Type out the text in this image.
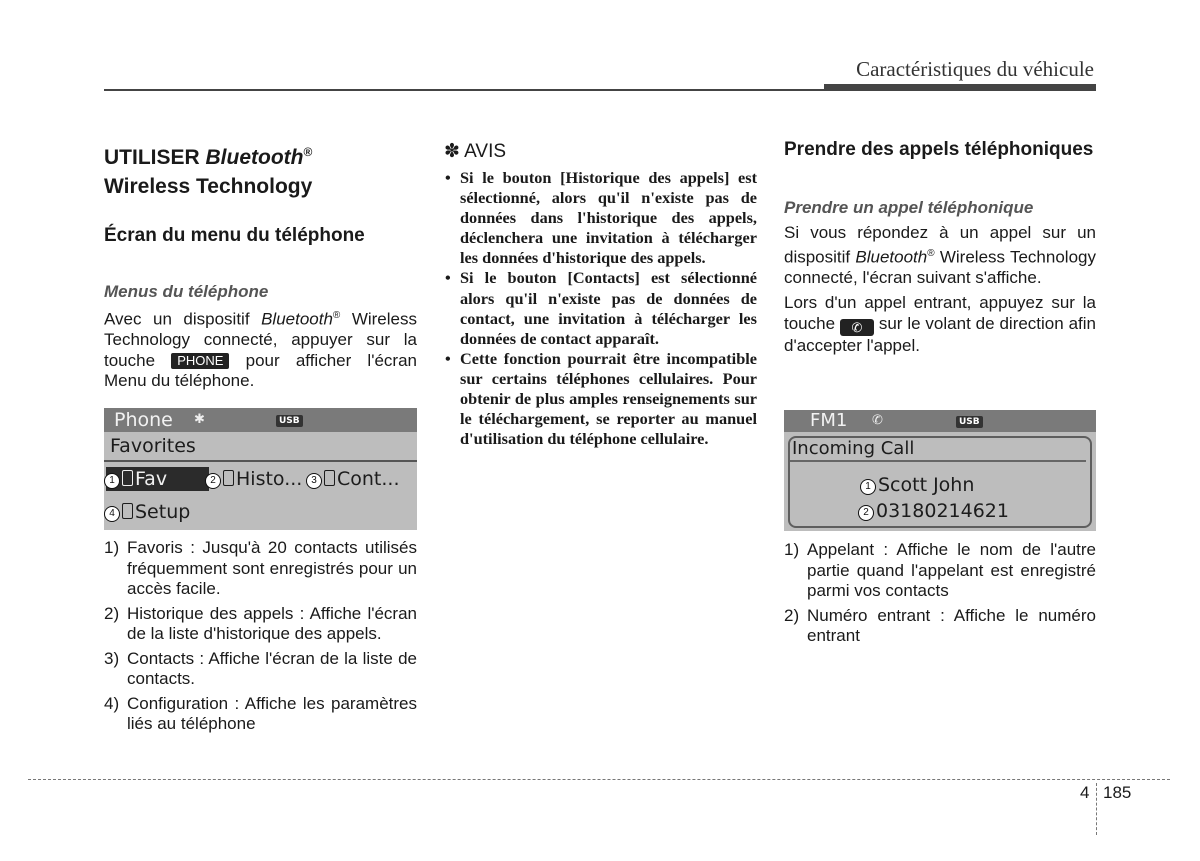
Caractéristiques du véhicule
UTILISER Bluetooth®
Wireless Technology
Écran du menu du téléphone
Menus du téléphone

Avec un dispositif Bluetooth® Wireless Technology connecté, appuyer sur la touche PHONE pour afficher l'écran Menu du téléphone.

Phone ✱	USB
Favorites
1 Fav	2 Histo... 3 Cont...
4 Setup
1) Favoris : Jusqu'à 20 contacts utilisés fréquemment sont enregistrés pour un accès facile.
2) Historique des appels : Affiche l'écran de la liste d'historique des appels.
3) Contacts : Affiche l'écran de la liste de contacts.
4) Configuration : Affiche les paramètres liés au téléphone
✽ AVIS
• Si le bouton [Historique des appels] est sélectionné, alors qu'il n'existe pas de données dans l'historique des appels, déclenchera une invitation à télécharger les données d'historique des appels.
• Si le bouton [Contacts] est sélectionné alors qu'il n'existe pas de données de contact, une invitation à télécharger les données de contact apparaît.
• Cette fonction pourrait être incompatible sur certains téléphones cellulaires. Pour obtenir de plus amples renseignements sur le téléchargement, se reporter au manuel d'utilisation du téléphone cellulaire.
Prendre des appels téléphoniques
Prendre un appel téléphonique

Si vous répondez à un appel sur un dispositif Bluetooth® Wireless Technology connecté, l'écran suivant s'affiche.

Lors d'un appel entrant, appuyez sur la touche ✆ sur le volant de direction afin d'accepter l'appel.

FM1 ✆	USB
Incoming Call
1 Scott John
2 03180214621
1) Appelant : Affiche le nom de l'autre partie quand l'appelant est enregistré parmi vos contacts
2) Numéro entrant : Affiche le numéro entrant
4 185
